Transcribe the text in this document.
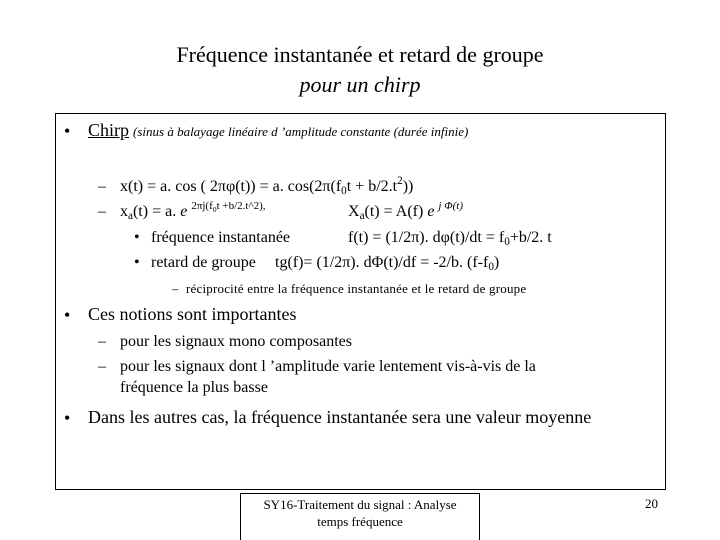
Fréquence instantanée et retard de groupe
pour un chirp
• Chirp (sinus à balayage linéaire d ’amplitude constante (durée infinie)
– x(t) = a. cos ( 2πφ(t)) = a. $\cos(2\pi(f_0t + b/2.t^2))$
– $x_a(t) = a$. e $^{2\pi j(f_0t +b/2.t\^{}2),}$	$X_a(t) = A(f)$ e $^{j \Phi(t)}$
• fréquence instantanée	f(t) = (1/2π). $d\varphi(t)/dt = f_0+b/2$. t
• retard de groupe tg(f)= (1/2π). dΦ(t)/df = -2/b. $(f-f_0)$
– réciprocité entre la fréquence instantanée et le retard de groupe
• Ces notions sont importantes
– pour les signaux mono composantes
– pour les signaux dont l ’amplitude varie lentement vis-à-vis de la
fréquence la plus basse
• Dans les autres cas, la fréquence instantanée sera une valeur moyenne
SY16-Traitement du signal : Analyse
temps fréquence
20
